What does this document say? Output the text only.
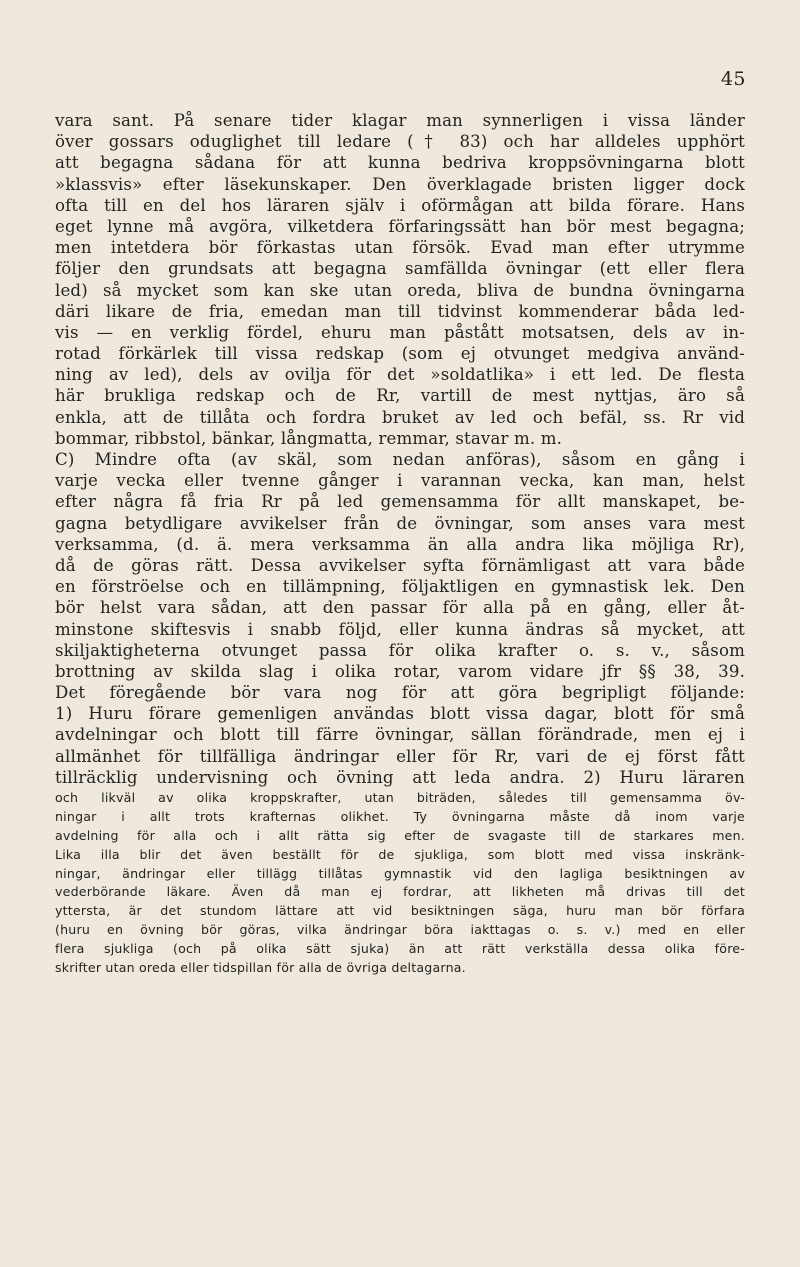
45
vara sant. På senare tider klagar man synnerligen i vissa länder
över gossars oduglighet till ledare († 83) och har alldeles upphört
att begagna sådana för att kunna bedriva kroppsövningarna blott
»klassvis» efter läsekunskaper. Den överklagade bristen ligger dock
ofta till en del hos läraren själv i oförmågan att bilda förare. Hans
eget lynne må avgöra, vilketdera förfaringssätt han bör mest begagna;
men intetdera bör förkastas utan försök. Evad man efter utrymme
följer den grundsats att begagna samfällda övningar (ett eller flera
led) så mycket som kan ske utan oreda, bliva de bundna övningarna
däri likare de fria, emedan man till tidvinst kommenderar båda led-
vis — en verklig fördel, ehuru man påstått motsatsen, dels av in-
rotad förkärlek till vissa redskap (som ej otvunget medgiva använd-
ning av led), dels av ovilja för det »soldatlika» i ett led. De flesta
här brukliga redskap och de Rr, vartill de mest nyttjas, äro så
enkla, att de tillåta och fordra bruket av led och befäl, ss. Rr vid
bommar, ribbstol, bänkar, långmatta, remmar, stavar m. m.
C) Mindre ofta (av skäl, som nedan anföras), såsom en gång i
varje vecka eller tvenne gånger i varannan vecka, kan man, helst
efter några få fria Rr på led gemensamma för allt manskapet, be-
gagna betydligare avvikelser från de övningar, som anses vara mest
verksamma, (d. ä. mera verksamma än alla andra lika möjliga Rr),
då de göras rätt. Dessa avvikelser syfta förnämligast att vara både
en förströelse och en tillämpning, följaktligen en gymnastisk lek. Den
bör helst vara sådan, att den passar för alla på en gång, eller åt-
minstone skiftesvis i snabb följd, eller kunna ändras så mycket, att
skiljaktigheterna otvunget passa för olika krafter o. s. v., såsom
brottning av skilda slag i olika rotar, varom vidare jfr §§ 38, 39.
Det föregående bör vara nog för att göra begripligt följande:
1) Huru förare gemenligen användas blott vissa dagar, blott för små
avdelningar och blott till färre övningar, sällan förändrade, men ej i
allmänhet för tillfälliga ändringar eller för Rr, vari de ej först fått
tillräcklig undervisning och övning att leda andra. 2) Huru läraren
och likväl av olika kroppskrafter, utan biträden, således till gemensamma öv-
ningar i allt trots krafternas olikhet. Ty övningarna måste då inom varje
avdelning för alla och i allt rätta sig efter de svagaste till de starkares men.
Lika illa blir det även beställt för de sjukliga, som blott med vissa inskränk-
ningar, ändringar eller tillägg tillåtas gymnastik vid den lagliga besiktningen av
vederbörande läkare. Även då man ej fordrar, att likheten må drivas till det
yttersta, är det stundom lättare att vid besiktningen säga, huru man bör förfara
(huru en övning bör göras, vilka ändringar böra iakttagas o. s. v.) med en eller
flera sjukliga (och på olika sätt sjuka) än att rätt verkställa dessa olika före-
skrifter utan oreda eller tidspillan för alla de övriga deltagarna.
